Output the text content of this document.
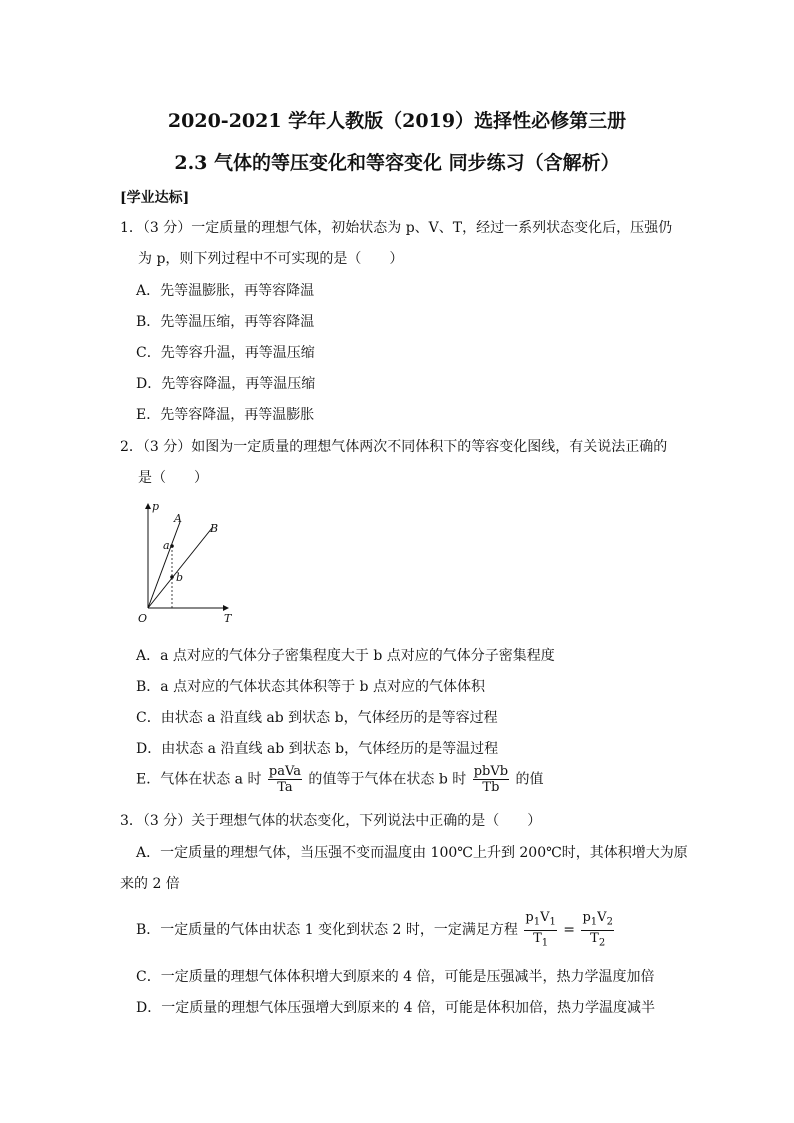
2020-2021 学年人教版（2019）选择性必修第三册
2.3 气体的等压变化和等容变化 同步练习（含解析）
[学业达标]
1．（3 分）一定质量的理想气体，初始状态为 p、V、T，经过一系列状态变化后，压强仍
为 p，则下列过程中不可实现的是（　　）
A．先等温膨胀，再等容降温
B．先等温压缩，再等容降温
C．先等容升温，再等温压缩
D．先等容降温，再等温压缩
E．先等容降温，再等温膨胀
2．（3 分）如图为一定质量的理想气体两次不同体积下的等容变化图线，有关说法正确的
是（　　）
p
T
O
A
B
a
b
A．a 点对应的气体分子密集程度大于 b 点对应的气体分子密集程度
B．a 点对应的气体状态其体积等于 b 点对应的气体体积
C．由状态 a 沿直线 ab 到状态 b，气体经历的是等容过程
D．由状态 a 沿直线 ab 到状态 b，气体经历的是等温过程
E．气体在状态 a 时 $\frac{\text{paVa}}{Ta}$ 的值等于气体在状态 b 时 $\frac{\text{pbVb}}{Tb}$ 的值
3．（3 分）关于理想气体的状态变化，下列说法中正确的是（　　）
A．一定质量的理想气体，当压强不变而温度由 100℃上升到 200℃时，其体积增大为原
来的 2 倍
B．一定质量的气体由状态 1 变化到状态 2 时，一定满足方程 $\frac{p_1V_1}{T_1} = \frac{p_1V_2}{T_2}$
C．一定质量的理想气体体积增大到原来的 4 倍，可能是压强减半，热力学温度加倍
D．一定质量的理想气体压强增大到原来的 4 倍，可能是体积加倍，热力学温度减半
